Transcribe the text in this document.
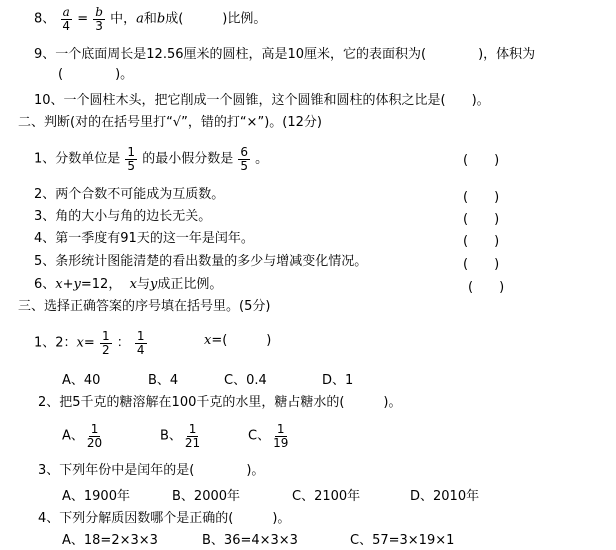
8、 $\frac{a}{4} = \frac{b}{3}$ 中，a和b成(　　　)比例。
9、一个底面周长是12.56厘米的圆柱，高是10厘米，它的表面积为(　　　　)，体积为
(　　　　)。
10、一个圆柱木头，把它削成一个圆锥，这个圆锥和圆柱的体积之比是(　　)。
二、判断(对的在括号里打“√”，错的打“×”)。(12分)
1、分数单位是 $\frac{1}{5}$ 的最小假分数是 $\frac{6}{5}$ 。	(　　)
2、两个合数不可能成为互质数。	(　　)
3、角的大小与角的边长无关。	(　　)
4、第一季度有91天的这一年是闰年。	(　　)
5、条形统计图能清楚的看出数量的多少与增减变化情况。	(　　)
6、x+y=12， x与y成正比例。	(　　)
三、选择正确答案的序号填在括号里。(5分)
1、2：$x= \frac{1}{2}$ ： $\frac{1}{4}$	x=(　　　)
A、40	B、4	C、0.4	D、1
2、把5千克的糖溶解在100千克的水里，糖占糖水的(　　　)。
A、 $\frac{1}{20}$	B、 $\frac{1}{21}$	C、 $\frac{1}{19}$
3、下列年份中是闰年的是(　　　　)。
A、1900年	B、2000年	C、2100年	D、2010年
4、下列分解质因数哪个是正确的(　　　)。
A、18=2×3×3	B、36=4×3×3	C、57=3×19×1
